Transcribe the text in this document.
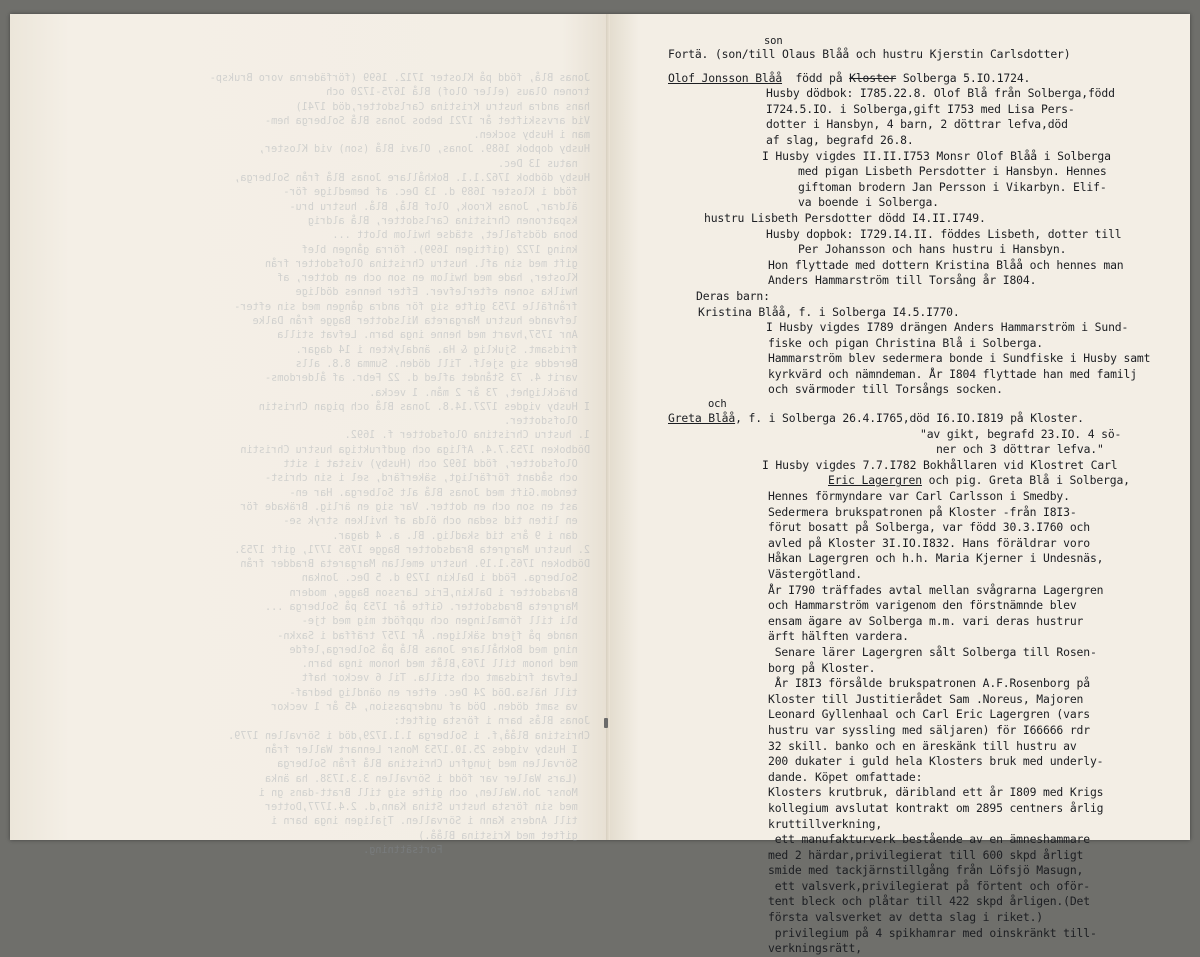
Jonas Blå, född på Kloster 1712. 1699 (förfäderna voro Bruksp-
tronen Olaus (eller Olof) Blå 1675-1720 och
hans andra hustru Kristina Carlsdotter,död 1741)
Vid arvsskiftet år 1721 bebos Jonas Blå Solberga hem-
man i Husby socken.
Husby dopbok 1689. Jonas, Olavi Blå (son) vid Kloster,
natus 13 Dec.
Husby dödbok 1762.1.1. Bokhållare Jonas Blå från Solberga,
född i Kloster 1689 d. 13 Dec. af bemedlige för-
äldrar, Jonas Krook, Olof Blå, Blå. hustru bru-
kspatronen Christina Carlsdotter, Blå aldrig
bona dödsfallet, städse hwilom blott ...
kning 1722 (giftigen 1699). förra gången blef
gift med sin afl. hustru Christina Olofsdotter från
Kloster, hade med hwilom en son och en dotter, af
hwilka sonen efterlefver. Efter hennes dödlige
frånfälle 1753 gifte sig för andra gången med sin efter-
lefvande hustru Margareta Nilsdotter Bagge från Dalke
Anr 1757,hvart med henne inga barn. Lefvat stilla
fridsamt. Sjuklig & Ha. ändalykten i 14 dagar.
Beredde sig sjelf. Till döden. Summa 8.8. alls
varit 4. 73 Ståndet afled d. 22 Febr. af ålderdoms-
bräcklighet, 73 år 2 mån. 1 vecka.
I Husby vigdes 1727.14.8. Jonas Blå och pigan Christin
Olofsdotter.
1. hustru Christina Olofsdotter f. 1692.
Dödboken 1753.7.4. Afliga och gudfruktiga hustru Christin
Olofsdotter, född 1692 och (Husby) vistat i sitt
och sådant förfärligt, säkerfärd, sel i sin christ-
tendom.Gift med Jonas Blå alt Solberga. Har en-
ast en son och en dotter. Var sig en ärlig. Bräkade för
en liten tid sedan och ölda af hvilken stryk se-
dan i 9 års tid skadlig. Bl. a. 4 dagar.
2. hustru Margreta Bradsdotter Bagge 1765 1771, gift 1753.
Dödboken 1765.1.19. hustru emellan Margareta Bradder från
Solberga. Född i Dalkin 1729 d. 5 Dec. Jonkan
Bradsdotter i Dalkin,Eric Larsson Bagge, modern
Margreta Bradsdotter. Gifte år 1753 på Solberga ...
bli till förmalingen och uppfödt mig med tje-
nande på fjerd säkligen. År 1757 träffad i Saxkn-
ning med Bokhållare Jonas Blå på Solberga,lefde
med honom till 1763,Blåt med honom inga barn.
Lefvat fridsamt och stilla. Til 6 veckor haft
till hälsa.Död 24 Dec. efter en oändlig bedraf-
va samt döden. Död af underpassion, 45 år 1 veckor
Jonas Blås barn i första giftet:
Christina Blåå,f. i Solberga 1.1.1729,död i Sörvallen 1779.
I Husby vigdes 25.10.1753 Monsr Lennart Waller från
Sörvallen med jungfru Christina Blå från Solberga
(Lars Waller var född i Sörvallen 3.3.1738. ha änka
Monsr Joh.Wallen, och gifte sig till Bratt-dans gn i
med sin första hustru Stina Kann,d. 2.4.1777,Dotter
till Anders Kann i Sörvallen. Tjaligen inga barn i
giftet med Kristina Blåå.)
Fortsättning.
son
Fortä. (son/till Olaus Blåå och hustru Kjerstin Carlsdotter)
Olof Jonsson Blåå född på Kloster Solberga 5.IO.1724.
Husby dödbok: I785.22.8. Olof Blå från Solberga,född
I724.5.IO. i Solberga,gift I753 med Lisa Pers-
dotter i Hansbyn, 4 barn, 2 döttrar lefva,död
af slag, begrafd 26.8.
I Husby vigdes II.II.I753 Monsr Olof Blåå i Solberga
med pigan Lisbeth Persdotter i Hansbyn. Hennes
giftoman brodern Jan Persson i Vikarbyn. Elif-
va boende i Solberga.
hustru Lisbeth Persdotter dödd I4.II.I749.
Husby dopbok: I729.I4.II. föddes Lisbeth, dotter till
Per Johansson och hans hustru i Hansbyn.
Hon flyttade med dottern Kristina Blåå och hennes man
Anders Hammarström till Torsång år I804.
Deras barn:
Kristina Blåå, f. i Solberga I4.5.I770.
I Husby vigdes I789 drängen Anders Hammarström i Sund-
fiske och pigan Christina Blå i Solberga.
Hammarström blev sedermera bonde i Sundfiske i Husby samt
kyrkvärd och nämndeman. År I804 flyttade han med familj
och svärmoder till Torsångs socken.
och
Greta Blåå, f. i Solberga 26.4.I765,död I6.IO.I819 på Kloster.
"av gikt, begrafd 23.IO. 4 sö-
ner och 3 döttrar lefva."
I Husby vigdes 7.7.I782 Bokhållaren vid Klostret Carl
Eric Lagergren och pig. Greta Blå i Solberga,
Hennes förmyndare var Carl Carlsson i Smedby.
Sedermera brukspatronen på Kloster -från I8I3-
förut bosatt på Solberga, var född 30.3.I760 och
avled på Kloster 3I.IO.I832. Hans föräldrar voro
Håkan Lagergren och h.h. Maria Kjerner i Undesnäs,
Västergötland.
År I790 träffades avtal mellan svågrarna Lagergren
och Hammarström varigenom den förstnämnde blev
ensam ägare av Solberga m.m. vari deras hustrur
ärft hälften vardera.
Senare lärer Lagergren sålt Solberga till Rosen-
borg på Kloster.
År I8I3 försålde brukspatronen A.F.Rosenborg på
Kloster till Justitierådet Sam .Noreus, Majoren
Leonard Gyllenhaal och Carl Eric Lagergren (vars
hustru var syssling med säljaren) för I66666 rdr
32 skill. banko och en äreskänk till hustru av
200 dukater i guld hela Klosters bruk med underly-
dande. Köpet omfattade:
Klosters krutbruk, däribland ett år I809 med Krigs
kollegium avslutat kontrakt om 2895 centners årlig
kruttillverkning,
ett manufakturverk bestående av en ämneshammare
med 2 härdar,privilegierat till 600 skpd årligt
smide med tackjärnstillgång från Löfsjö Masugn,
ett valsverk,privilegierat på förtent och oför-
tent bleck och plåtar till 422 skpd årligen.(Det
första valsverket av detta slag i riket.)
privilegium på 4 spikhamrar med oinskränkt till-
verkningsrätt,
